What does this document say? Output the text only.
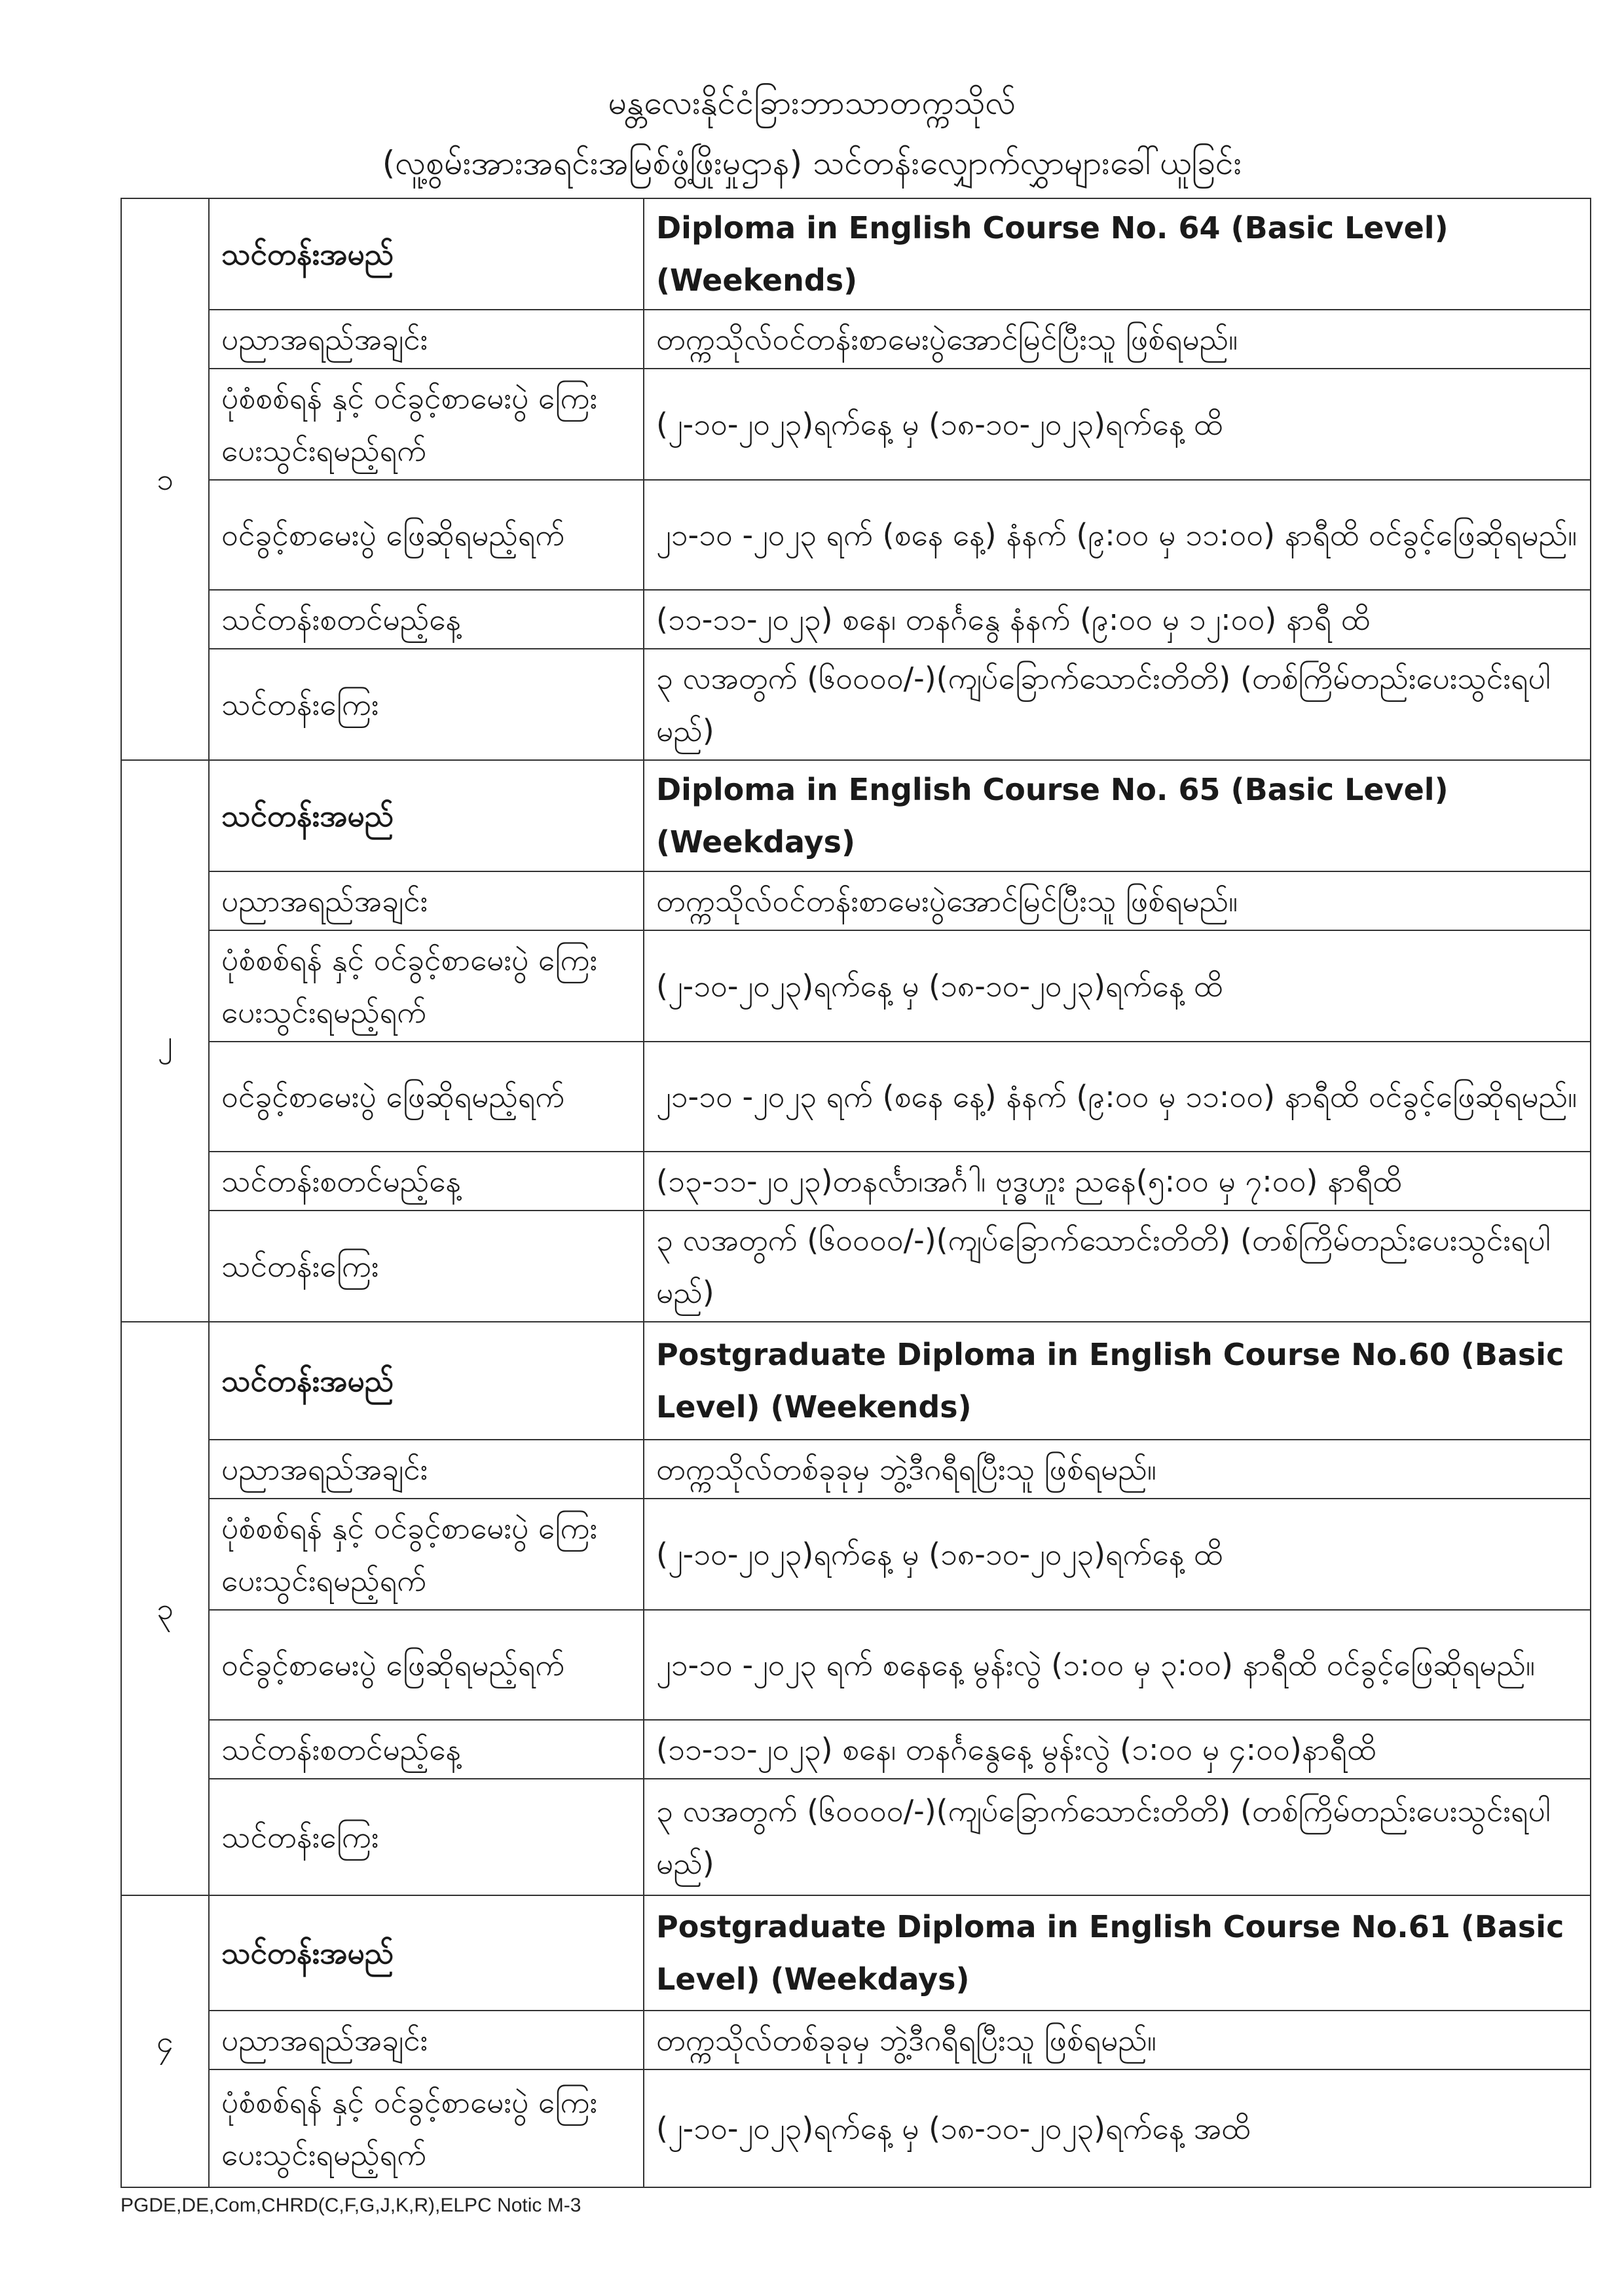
မန္တလေးနိုင်ငံခြားဘာသာတက္ကသိုလ်
(လူ့စွမ်းအားအရင်းအမြစ်ဖွံ့ဖြိုးမှုဌာန) သင်တန်းလျှောက်လွှာများခေါ်ယူခြင်း
၁	သင်တန်းအမည်	Diploma in English Course No. 64 (Basic Level)(Weekends)
	ပညာအရည်အချင်း	တက္ကသိုလ်ဝင်တန်းစာမေးပွဲအောင်မြင်ပြီးသူ ဖြစ်ရမည်။
	ပုံစံစစ်ရန် နှင့် ဝင်ခွင့်စာမေးပွဲ ကြေးပေးသွင်းရမည့်ရက်	(၂-၁၀-၂၀၂၃)ရက်နေ့ မှ (၁၈-၁၀-၂၀၂၃)ရက်နေ့ ထိ
	ဝင်ခွင့်စာမေးပွဲ ဖြေဆိုရမည့်ရက်	၂၁-၁၀ -၂၀၂၃ ရက် (စနေ နေ့) နံနက် (၉:၀၀ မှ ၁၁:၀၀) နာရီထိ ဝင်ခွင့်ဖြေဆိုရမည်။
	သင်တန်းစတင်မည့်နေ့	(၁၁-၁၁-၂၀၂၃) စနေ၊ တနင်္ဂနွေ နံနက် (၉:၀၀ မှ ၁၂:၀၀) နာရီ ထိ
	သင်တန်းကြေး	၃ လအတွက် (၆၀၀၀၀/-)(ကျပ်ခြောက်သောင်းတိတိ) (တစ်ကြိမ်တည်းပေးသွင်းရပါမည်)
၂	သင်တန်းအမည်	Diploma in English Course No. 65 (Basic Level) (Weekdays)
	ပညာအရည်အချင်း	တက္ကသိုလ်ဝင်တန်းစာမေးပွဲအောင်မြင်ပြီးသူ ဖြစ်ရမည်။
	ပုံစံစစ်ရန် နှင့် ဝင်ခွင့်စာမေးပွဲ ကြေးပေးသွင်းရမည့်ရက်	(၂-၁၀-၂၀၂၃)ရက်နေ့ မှ (၁၈-၁၀-၂၀၂၃)ရက်နေ့ ထိ
	ဝင်ခွင့်စာမေးပွဲ ဖြေဆိုရမည့်ရက်	၂၁-၁၀ -၂၀၂၃ ရက် (စနေ နေ့) နံနက် (၉:၀၀ မှ ၁၁:၀၀) နာရီထိ ဝင်ခွင့်ဖြေဆိုရမည်။
	သင်တန်းစတင်မည့်နေ့	(၁၃-၁၁-၂၀၂၃)တနင်္လာ၊အင်္ဂါ၊ ဗုဒ္ဓဟူး ညနေ(၅:၀၀ မှ ၇:၀၀) နာရီထိ
	သင်တန်းကြေး	၃ လအတွက် (၆၀၀၀၀/-)(ကျပ်ခြောက်သောင်းတိတိ) (တစ်ကြိမ်တည်းပေးသွင်းရပါမည်)
၃	သင်တန်းအမည်	Postgraduate Diploma in English Course No.60 (Basic Level) (Weekends)
	ပညာအရည်အချင်း	တက္ကသိုလ်တစ်ခုခုမှ ဘွဲ့ဒီဂရီရပြီးသူ ဖြစ်ရမည်။
	ပုံစံစစ်ရန် နှင့် ဝင်ခွင့်စာမေးပွဲ ကြေးပေးသွင်းရမည့်ရက်	(၂-၁၀-၂၀၂၃)ရက်နေ့ မှ (၁၈-၁၀-၂၀၂၃)ရက်နေ့ ထိ
	ဝင်ခွင့်စာမေးပွဲ ဖြေဆိုရမည့်ရက်	၂၁-၁၀ -၂၀၂၃ ရက် စနေနေ့ မွန်းလွဲ (၁:၀၀ မှ ၃:၀၀) နာရီထိ ဝင်ခွင့်ဖြေဆိုရမည်။
	သင်တန်းစတင်မည့်နေ့	(၁၁-၁၁-၂၀၂၃) စနေ၊ တနင်္ဂနွေနေ့ မွန်းလွဲ (၁:၀၀ မှ ၄:၀၀)နာရီထိ
	သင်တန်းကြေး	၃ လအတွက် (၆၀၀၀၀/-)(ကျပ်ခြောက်သောင်းတိတိ) (တစ်ကြိမ်တည်းပေးသွင်းရပါမည်)
၄	သင်တန်းအမည်	Postgraduate Diploma in English Course No.61 (Basic Level) (Weekdays)
	ပညာအရည်အချင်း	တက္ကသိုလ်တစ်ခုခုမှ ဘွဲ့ဒီဂရီရပြီးသူ ဖြစ်ရမည်။
	ပုံစံစစ်ရန် နှင့် ဝင်ခွင့်စာမေးပွဲ ကြေးပေးသွင်းရမည့်ရက်	(၂-၁၀-၂၀၂၃)ရက်နေ့ မှ (၁၈-၁၀-၂၀၂၃)ရက်နေ့ အထိ
PGDE,DE,Com,CHRD(C,F,G,J,K,R),ELPC Notic M-3
